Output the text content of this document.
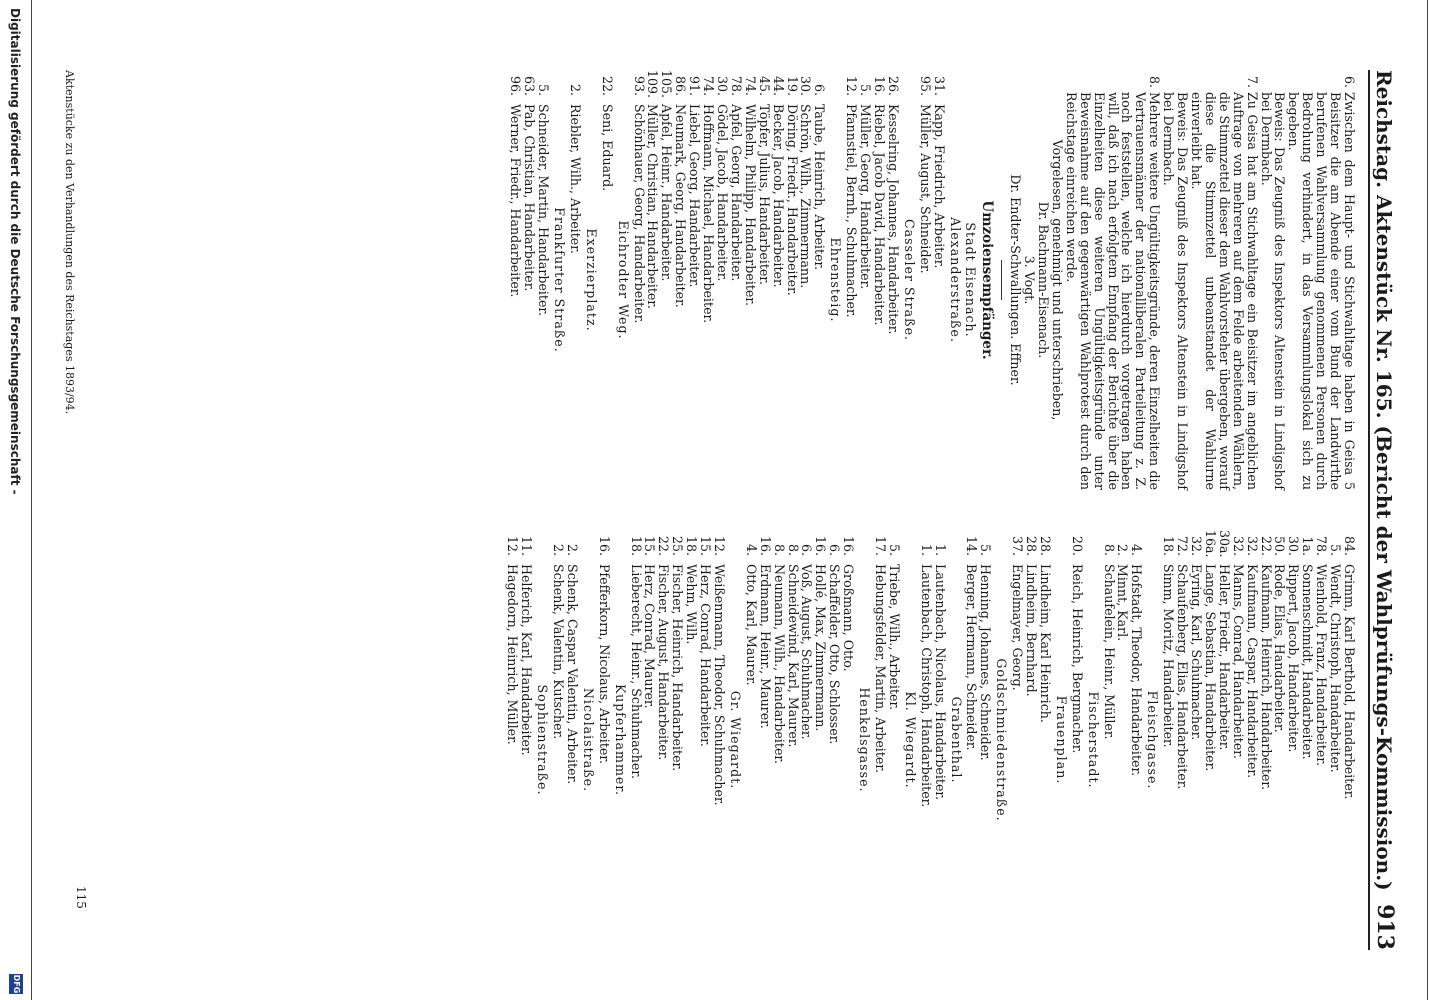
Reichstag. Aktenstück Nr. 165. (Bericht der Wahlprüfungs-Kommission.)
913
6.

Zwischen dem Haupt- und Stichwahltage haben in Geisa 5 Beisitzer die am Abende einer vom Bund der Landwirthe berufenen Wahlversammlung genommenen Personen durch Bedrohung verhindert, in das Versammlungslokal sich zu begeben.

Beweis: Das Zeugniß des Inspektors Altenstein in Lindigshof bei Dermbach.

7.

Zu Geisa hat am Stichwahltage ein Beisitzer im angeblichen Auftrage von mehreren auf dem Felde arbeitenden Wählern, die Stimmzettel dieser dem Wahlvorsteher übergeben, worauf diese die Stimmzettel unbeanstandet der Wahlurne einverleibt hat.

Beweis: Das Zeugniß des Inspektors Altenstein in Lindigshof bei Dermbach.

8.

Mehrere weitere Ungültigkeitsgründe, deren Einzelheiten die Vertrauensmänner der nationalliberalen Parteileitung z. Z. noch feststellen, welche ich hierdurch vorgetragen haben will, daß ich nach erfolgtem Empfang der Berichte über die Einzelheiten diese weiteren Ungültigkeitsgründe unter Beweisnahme auf den gegenwärtigen Wahlprotest durch den Reichstage einreichen werde.

Vorgelesen, genehmigt und unterschrieben,
Dr. Bachmann-Eisenach.
3. Vogt.
Dr. Endter-Schwallungen. Effner.
Umzoiensempfänger.
Stadt Eisenach.
Alexanderstraße.
31.
Kapp, Friedrich, Arbeiter.
95.
Müller, August, Schneider.
Casseler Straße.
26.
Kesselring, Johannes, Handarbeiter.
16.
Riebel, Jacob David, Handarbeiter.
5.
Müller, Georg, Handarbeiter.
12.
Pfannstiel, Bernh., Schuhmacher.
Ehrensteig.
6.
Taube, Heinrich, Arbeiter.
30.
Schrön, Wilh., Zimmermann.
19.
Döring, Friedr., Handarbeiter.
44.
Becker, Jacob, Handarbeiter.
45.
Töpfer, Julius, Handarbeiter.
74.
Wilhelm, Philipp, Handarbeiter.
78.
Apfel, Georg, Handarbeiter.
30.
Gödel, Jacob, Handarbeiter.
74.
Hoffmann, Michael, Handarbeiter.
91.
Liebel, Georg, Handarbeiter.
86.
Neumark, Georg, Handarbeiter.
105.
Apfel, Heinr., Handarbeiter.
109.
Müller, Christian, Handarbeiter.
93.
Schönhauer, Georg, Handarbeiter.
Eichrodter Weg.
22.
Seni, Eduard.
Exerzierplatz.
2.
Riebler, Wilh., Arbeiter.
Frankfurter Straße.
5.
Schneider, Martin, Handarbeiter.
63.
Pab, Christian, Handarbeiter.
96.
Werner, Friedr., Handarbeiter.
84.
Grimm, Karl Berthold, Handarbeiter.
5.
Wendt, Christoph, Handarbeiter.
78.
Wienhold, Franz, Handarbeiter.
1a.
Sonnenschmidt, Handarbeiter.
30.
Rippert, Jacob, Handarbeiter.
50.
Rode, Elias, Handarbeiter.
22.
Kaufmann, Heinrich, Handarbeiter.
32.
Kaufmann, Caspar, Handarbeiter.
32.
Manns, Conrad, Handarbeiter.
30a.
Heller, Friedr., Handarbeiter.
16a.
Lange, Sebastian, Handarbeiter.
32.
Eyring, Karl, Schuhmacher.
72.
Schaufenberg, Elias, Handarbeiter.
18.
Simm, Moritz, Handarbeiter.
Fleischgasse.
4.
Hofstadt, Theodor, Handarbeiter.
2.
Minnt, Karl.
8.
Schaufelein, Heinr., Müller.
Fischerstadt.
20.
Reich, Heinrich, Bergmacher.
Frauenplan.
28.
Lindheim, Karl Heinrich.
28.
Lindheim, Bernhard.
37.
Engelmayer, Georg.
Goldschmiedenstraße.
5.
Henning, Johannes, Schneider.
14.
Berger, Hermann, Schneider.
Grabenthal.
1.
Lautenbach, Nicolaus, Handarbeiter.
1.
Lautenbach, Christoph, Handarbeiter.
Kl. Wiegardt.
5.
Triebe, Wilh., Arbeiter.
17.
Hebungsfelder, Martin, Arbeiter.
Henkelsgasse.
16.
Großmann, Otto.
6.
Schaffelder, Otto, Schlosser.
16.
Hollé, Max, Zimmermann.
6.
Voß, August, Schuhmacher.
8.
Schneidewind, Karl, Maurer.
8.
Neumann, Wilh., Handarbeiter.
16.
Erdmann, Heinr., Maurer.
4.
Otto, Karl, Maurer.
Gr. Wiegardt.
12.
Weißenmann, Theodor, Schuhmacher.
15.
Herz, Conrad, Handarbeiter.
18.
Wehm, Wilh.
25.
Fischer, Heinrich, Handarbeiter.
22.
Fischer, August, Handarbeiter.
15.
Herz, Conrad, Maurer.
18.
Lieberecht, Heinr., Schuhmacher.
Kupferhammer.
16.
Pfefferkorn, Nicolaus, Arbeiter.
Nicolaistraße.
2.
Schenk, Caspar Valentin, Arbeiter.
2.
Schenk, Valentin, Kutscher.
Sophienstraße.
11.
Helferich, Karl, Handarbeiter.
12.
Hagedorn, Heinrich, Müller.
Aktenstücke zu den Verhandlungen des Reichstages 1893/94.
115
Digitalisierung gefördert durch die Deutsche Forschungsgemeinschaft -
DFG
